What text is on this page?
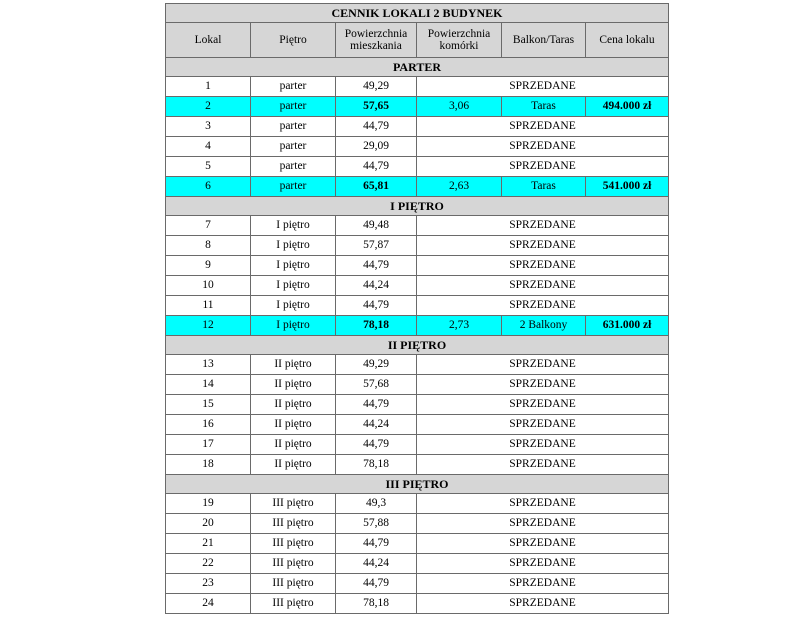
CENNIK LOKALI 2 BUDYNEK					
Lokal	Piętro	Powierzchnia mieszkania	Powierzchnia komórki	Balkon/Taras	Cena lokalu
PARTER					
1	parter	49,29	SPRZEDANE		
2	parter	57,65	3,06	Taras	494.000 zł
3	parter	44,79	SPRZEDANE		
4	parter	29,09	SPRZEDANE		
5	parter	44,79	SPRZEDANE		
6	parter	65,81	2,63	Taras	541.000 zł
I PIĘTRO					
7	I piętro	49,48	SPRZEDANE		
8	I piętro	57,87	SPRZEDANE		
9	I piętro	44,79	SPRZEDANE		
10	I piętro	44,24	SPRZEDANE		
11	I piętro	44,79	SPRZEDANE		
12	I piętro	78,18	2,73	2 Balkony	631.000 zł
II PIĘTRO					
13	II piętro	49,29	SPRZEDANE		
14	II piętro	57,68	SPRZEDANE		
15	II piętro	44,79	SPRZEDANE		
16	II piętro	44,24	SPRZEDANE		
17	II piętro	44,79	SPRZEDANE		
18	II piętro	78,18	SPRZEDANE		
III PIĘTRO					
19	III piętro	49,3	SPRZEDANE		
20	III piętro	57,88	SPRZEDANE		
21	III piętro	44,79	SPRZEDANE		
22	III piętro	44,24	SPRZEDANE		
23	III piętro	44,79	SPRZEDANE		
24	III piętro	78,18	SPRZEDANE		
